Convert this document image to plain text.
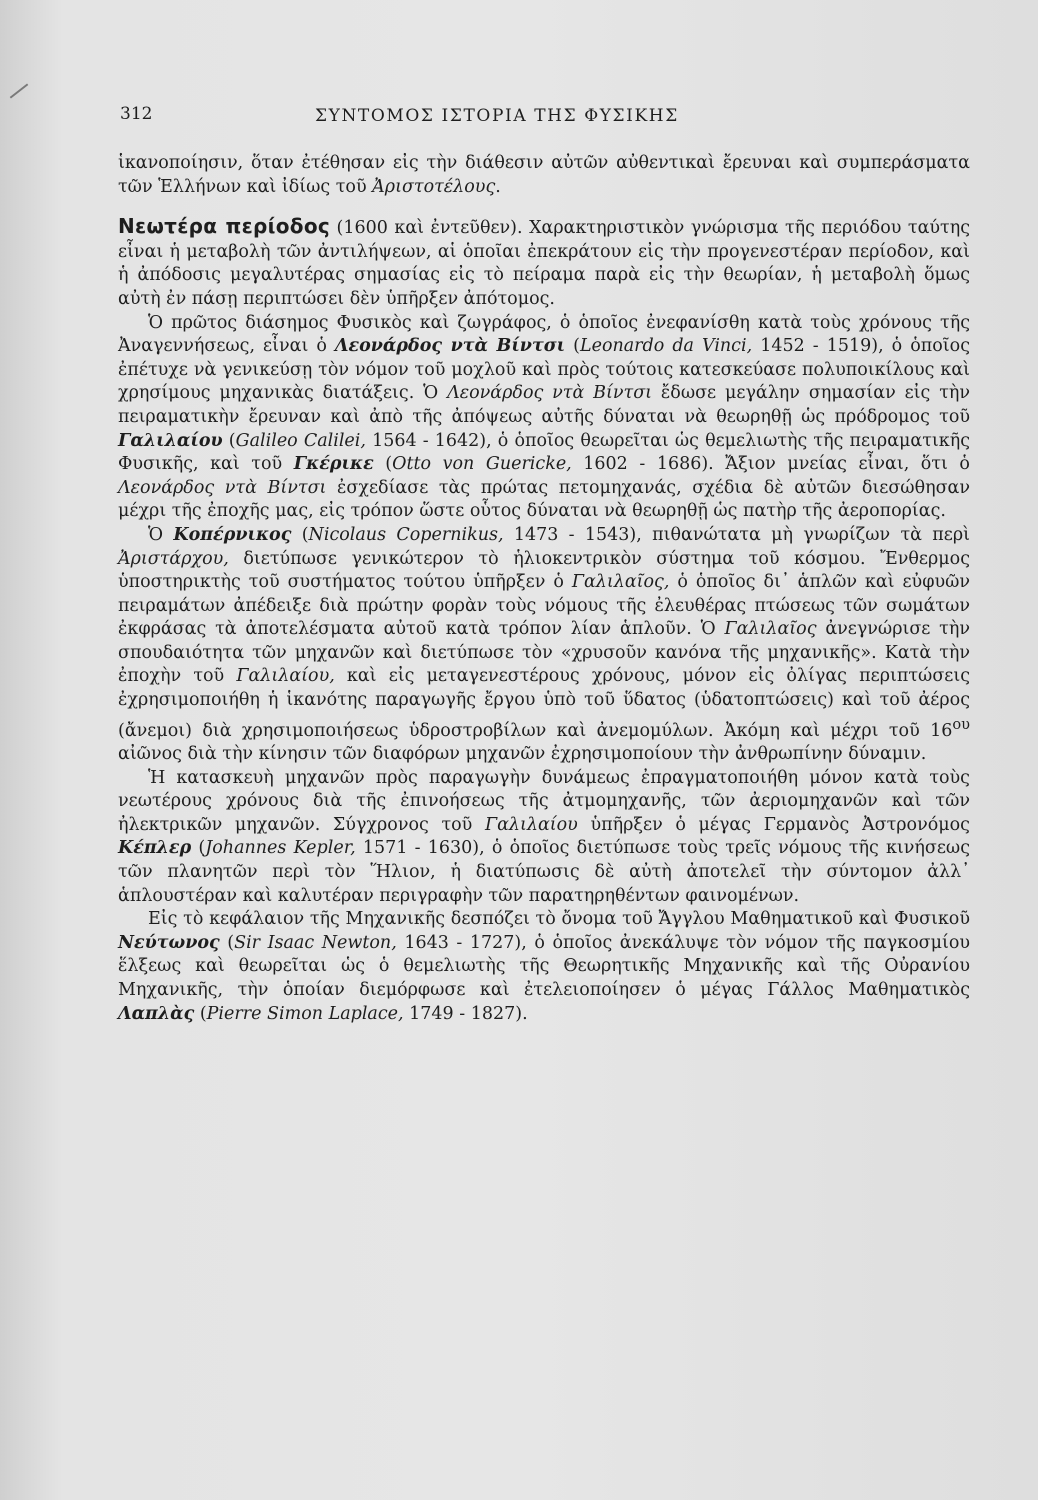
312	ΣΥΝΤΟΜΟΣ ΙΣΤΟΡΙΑ ΤΗΣ ΦΥΣΙΚΗΣ

ἱκανοποίησιν, ὅταν ἐτέθησαν εἰς τὴν διάθεσιν αὐτῶν αὐθεντικαὶ ἔρευναι καὶ συμπεράσματα τῶν Ἑλλήνων καὶ ἰδίως τοῦ Ἀριστοτέλους.

Νεωτέρα περίοδος (1600 καὶ ἐντεῦθεν). Χαρακτηριστικὸν γνώρισμα τῆς περιόδου ταύτης εἶναι ἡ μεταβολὴ τῶν ἀντιλήψεων, αἱ ὁποῖαι ἐπεκράτουν εἰς τὴν προγενεστέραν περίοδον, καὶ ἡ ἀπόδοσις μεγαλυτέρας σημασίας εἰς τὸ πείραμα παρὰ εἰς τὴν θεωρίαν, ἡ μεταβολὴ ὅμως αὐτὴ ἐν πάσῃ περιπτώσει δὲν ὑπῆρξεν ἀπότομος.

Ὁ πρῶτος διάσημος Φυσικὸς καὶ ζωγράφος, ὁ ὁποῖος ἐνεφανίσθη κατὰ τοὺς χρόνους τῆς Ἀναγεννήσεως, εἶναι ὁ Λεονάρδος ντὰ Βίντσι (Leonardo da Vinci, 1452 - 1519), ὁ ὁποῖος ἐπέτυχε νὰ γενικεύσῃ τὸν νόμον τοῦ μοχλοῦ καὶ πρὸς τούτοις κατεσκεύασε πολυποικίλους καὶ χρησίμους μηχανικὰς διατάξεις. Ὁ Λεονάρδος ντὰ Βίντσι ἔδωσε μεγάλην σημασίαν εἰς τὴν πειραματικὴν ἔρευναν καὶ ἀπὸ τῆς ἀπόψεως αὐτῆς δύναται νὰ θεωρηθῇ ὡς πρόδρομος τοῦ Γαλιλαίου (Galileo Calilei, 1564 - 1642), ὁ ὁποῖος θεωρεῖται ὡς θεμελιωτὴς τῆς πειραματικῆς Φυσικῆς, καὶ τοῦ Γκέρικε (Otto von Guericke, 1602 - 1686). Ἄξιον μνείας εἶναι, ὅτι ὁ Λεονάρδος ντὰ Βίντσι ἐσχεδίασε τὰς πρώτας πετομηχανάς, σχέδια δὲ αὐτῶν διεσώθησαν μέχρι τῆς ἐποχῆς μας, εἰς τρόπον ὥστε οὗτος δύναται νὰ θεωρηθῇ ὡς πατὴρ τῆς ἀεροπορίας.

Ὁ Κοπέρνικος (Nicolaus Copernikus, 1473 - 1543), πιθανώτατα μὴ γνωρίζων τὰ περὶ Ἀριστάρχου, διετύπωσε γενικώτερον τὸ ἡλιοκεντρικὸν σύστημα τοῦ κόσμου. Ἔνθερμος ὑποστηρικτὴς τοῦ συστήματος τούτου ὑπῆρξεν ὁ Γαλιλαῖος, ὁ ὁποῖος δι᾽ ἁπλῶν καὶ εὐφυῶν πειραμάτων ἀπέδειξε διὰ πρώτην φορὰν τοὺς νόμους τῆς ἐλευθέρας πτώσεως τῶν σωμάτων ἐκφράσας τὰ ἀποτελέσματα αὐτοῦ κατὰ τρόπον λίαν ἁπλοῦν. Ὁ Γαλιλαῖος ἀνεγνώρισε τὴν σπουδαιότητα τῶν μηχανῶν καὶ διετύπωσε τὸν «χρυσοῦν κανόνα τῆς μηχανικῆς». Κατὰ τὴν ἐποχὴν τοῦ Γαλιλαίου, καὶ εἰς μεταγενεστέρους χρόνους, μόνον εἰς ὀλίγας περιπτώσεις ἐχρησιμοποιήθη ἡ ἱκανότης παραγωγῆς ἔργου ὑπὸ τοῦ ὕδατος (ὑδατοπτώσεις) καὶ τοῦ ἀέρος (ἄνεμοι) διὰ χρησιμοποιήσεως ὑδροστροβίλων καὶ ἀνεμομύλων. Ἀκόμη καὶ μέχρι τοῦ $16^{o\upsilon}$ αἰῶνος διὰ τὴν κίνησιν τῶν διαφόρων μηχανῶν ἐχρησιμοποίουν τὴν ἀνθρωπίνην δύναμιν.

Ἡ κατασκευὴ μηχανῶν πρὸς παραγωγὴν δυνάμεως ἐπραγματοποιήθη μόνον κατὰ τοὺς νεωτέρους χρόνους διὰ τῆς ἐπινοήσεως τῆς ἀτμομηχανῆς, τῶν ἀεριομηχανῶν καὶ τῶν ἠλεκτρικῶν μηχανῶν. Σύγχρονος τοῦ Γαλιλαίου ὑπῆρξεν ὁ μέγας Γερμανὸς Ἀστρονόμος Κέπλερ (Johannes Kepler, 1571 - 1630), ὁ ὁποῖος διετύπωσε τοὺς τρεῖς νόμους τῆς κινήσεως τῶν πλανητῶν περὶ τὸν Ἥλιον, ἡ διατύπωσις δὲ αὐτὴ ἀποτελεῖ τὴν σύντομον ἀλλ᾽ ἁπλουστέραν καὶ καλυτέραν περιγραφὴν τῶν παρατηρηθέντων φαινομένων.

Εἰς τὸ κεφάλαιον τῆς Μηχανικῆς δεσπόζει τὸ ὄνομα τοῦ Ἄγγλου Μαθηματικοῦ καὶ Φυσικοῦ Νεύτωνος (Sir Isaac Newton, 1643 - 1727), ὁ ὁποῖος ἀνεκάλυψε τὸν νόμον τῆς παγκοσμίου ἕλξεως καὶ θεωρεῖται ὡς ὁ θεμελιωτὴς τῆς Θεωρητικῆς Μηχανικῆς καὶ τῆς Οὐρανίου Μηχανικῆς, τὴν ὁποίαν διεμόρφωσε καὶ ἐτελειοποίησεν ὁ μέγας Γάλλος Μαθηματικὸς Λαπλὰς (Pierre Simon Laplace, 1749 - 1827).
